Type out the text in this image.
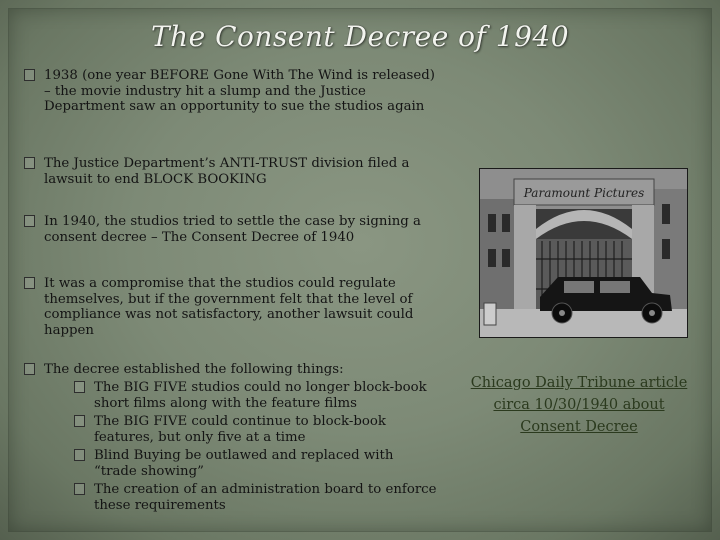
The Consent Decree of 1940
1938 (one year BEFORE Gone With The Wind is released) – the movie industry hit a slump and the Justice Department saw an opportunity to sue the studios again
The Justice Department’s ANTI-TRUST division filed a lawsuit to end BLOCK BOOKING
In 1940, the studios tried to settle the case by signing a consent decree – The Consent Decree of 1940
It was a compromise that the studios could regulate themselves, but if the government felt that the level of compliance was not satisfactory, another lawsuit could happen
The decree established the following things:
The BIG FIVE studios could no longer block-book short films along with the feature films
The BIG FIVE could continue to block-book features, but only five at a time
Blind Buying be outlawed and replaced with “trade showing”
The creation of an administration board to enforce these requirements
Paramount Pictures
Chicago Daily Tribune article circa 10/30/1940 about Consent Decree
